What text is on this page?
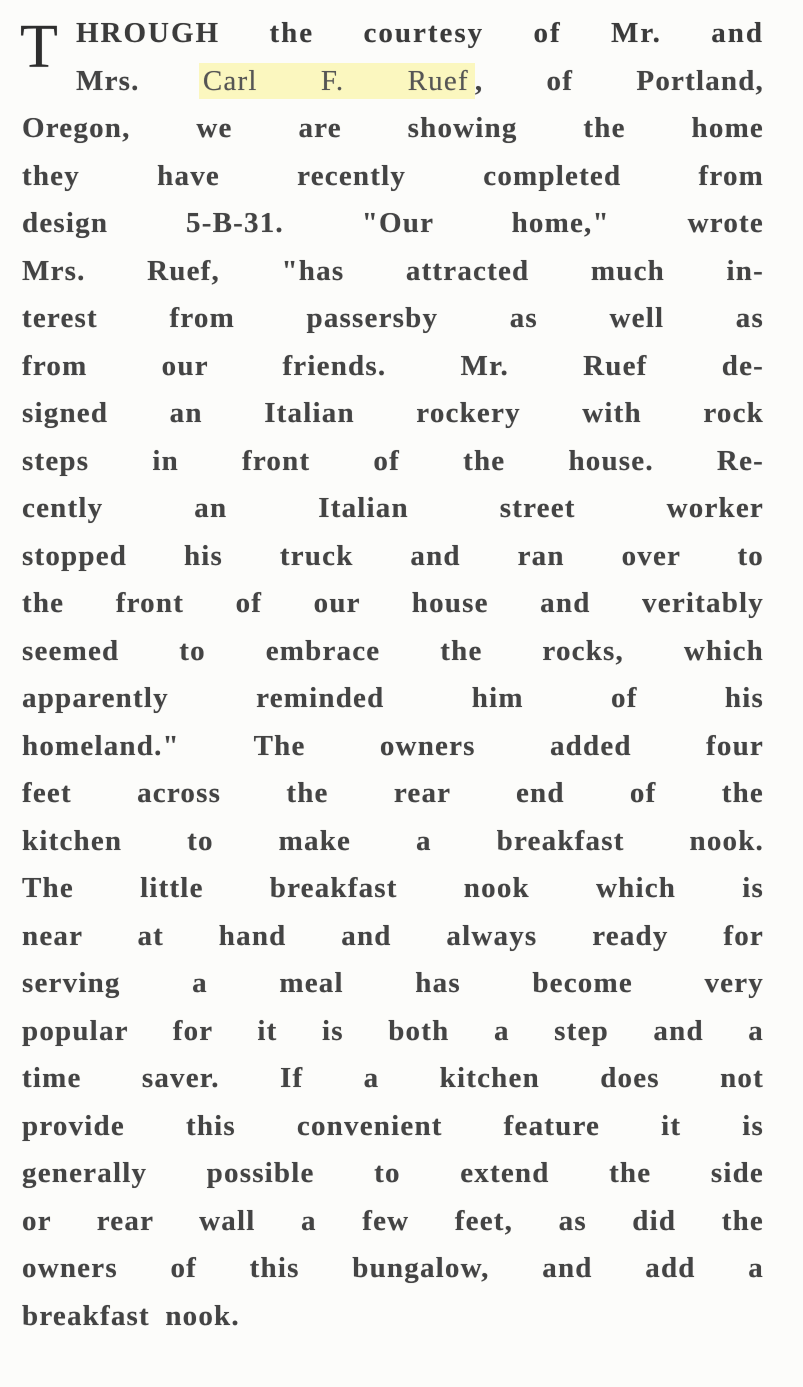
T HROUGH the courtesy of Mr. and
Mrs. Carl F. Ruef , of Portland,
Oregon, we are showing the home
they have recently completed from
design 5-B-31. "Our home," wrote
Mrs. Ruef, "has attracted much in-
terest from passersby as well as
from our friends. Mr. Ruef de-
signed an Italian rockery with rock
steps in front of the house. Re-
cently an Italian street worker
stopped his truck and ran over to
the front of our house and veritably
seemed to embrace the rocks, which
apparently reminded him of his
homeland." The owners added four
feet across the rear end of the
kitchen to make a breakfast nook.
The little breakfast nook which is
near at hand and always ready for
serving a meal has become very
popular for it is both a step and a
time saver. If a kitchen does not
provide this convenient feature it is
generally possible to extend the side
or rear wall a few feet, as did the
owners of this bungalow, and add a
breakfast nook.
